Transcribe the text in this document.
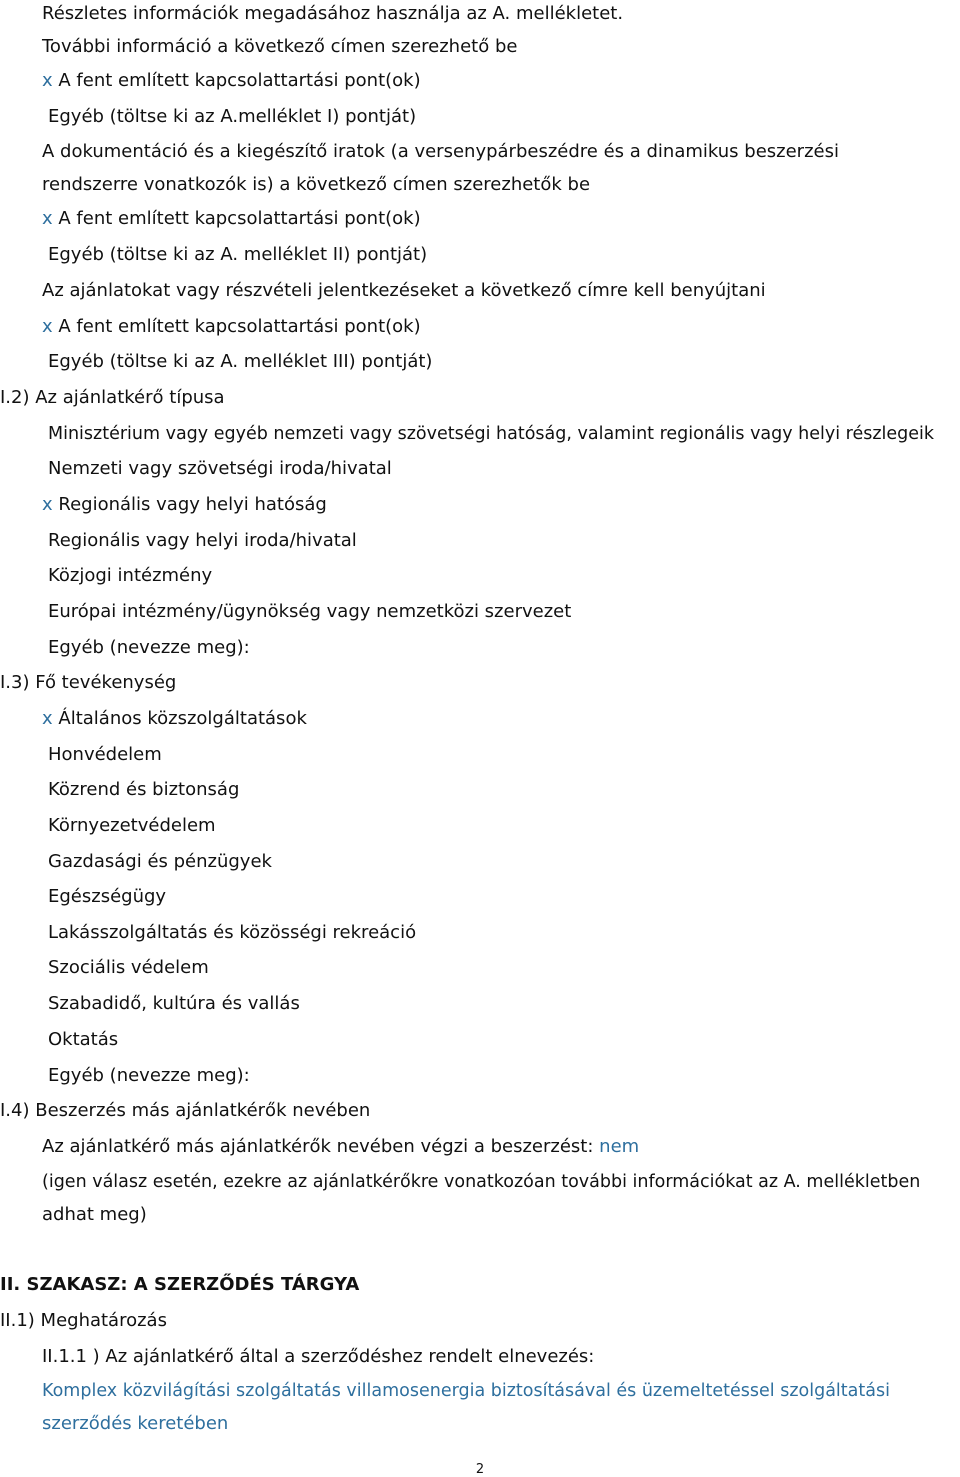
Részletes információk megadásához használja az A. mellékletet.
További információ a következő címen szerezhető be
x A fent említett kapcsolattartási pont(ok)
Egyéb (töltse ki az A.melléklet I) pontját)
A dokumentáció és a kiegészítő iratok (a versenypárbeszédre és a dinamikus beszerzési
rendszerre vonatkozók is) a következő címen szerezhetők be
x A fent említett kapcsolattartási pont(ok)
Egyéb (töltse ki az A. melléklet II) pontját)
Az ajánlatokat vagy részvételi jelentkezéseket a következő címre kell benyújtani
x A fent említett kapcsolattartási pont(ok)
Egyéb (töltse ki az A. melléklet III) pontját)
I.2) Az ajánlatkérő típusa
Minisztérium vagy egyéb nemzeti vagy szövetségi hatóság, valamint regionális vagy helyi részlegeik
Nemzeti vagy szövetségi iroda/hivatal
x Regionális vagy helyi hatóság
Regionális vagy helyi iroda/hivatal
Közjogi intézmény
Európai intézmény/ügynökség vagy nemzetközi szervezet
Egyéb (nevezze meg):
I.3) Fő tevékenység
x Általános közszolgáltatások
Honvédelem
Közrend és biztonság
Környezetvédelem
Gazdasági és pénzügyek
Egészségügy
Lakásszolgáltatás és közösségi rekreáció
Szociális védelem
Szabadidő, kultúra és vallás
Oktatás
Egyéb (nevezze meg):
I.4) Beszerzés más ajánlatkérők nevében
Az ajánlatkérő más ajánlatkérők nevében végzi a beszerzést: nem
(igen válasz esetén, ezekre az ajánlatkérőkre vonatkozóan további információkat az A. mellékletben
adhat meg)
II. SZAKASZ: A SZERZŐDÉS TÁRGYA
II.1) Meghatározás
II.1.1 ) Az ajánlatkérő által a szerződéshez rendelt elnevezés:
Komplex közvilágítási szolgáltatás villamosenergia biztosításával és üzemeltetéssel szolgáltatási
szerződés keretében
2
